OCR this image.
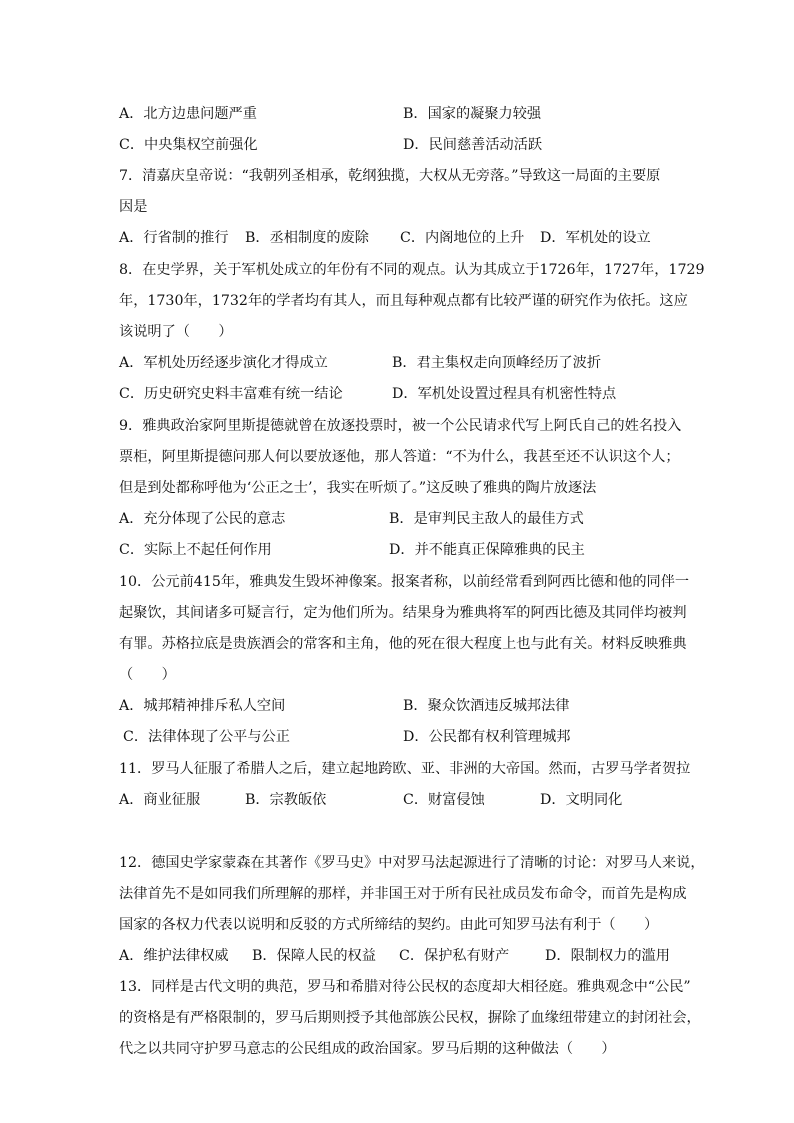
7．清嘉庆皇帝说：“我朝列圣相承，乾纲独揽，大权从无旁落。”导致这一局面的主要原
因是
8．在史学界，关于军机处成立的年份有不同的观点。认为其成立于1726年，1727年，1729
年，1730年，1732年的学者均有其人，而且每种观点都有比较严谨的研究作为依托。这应
该说明了（　　）
9．雅典政治家阿里斯提德就曾在放逐投票时，被一个公民请求代写上阿氏自己的姓名投入
票柜，阿里斯提德问那人何以要放逐他，那人答道：“不为什么，我甚至还不认识这个人；
但是到处都称呼他为‘公正之士’，我实在听烦了。”这反映了雅典的陶片放逐法
10．公元前415年，雅典发生毁坏神像案。报案者称，以前经常看到阿西比德和他的同伴一
起聚饮，其间诸多可疑言行，定为他们所为。结果身为雅典将军的阿西比德及其同伴均被判
有罪。苏格拉底是贵族酒会的常客和主角，他的死在很大程度上也与此有关。材料反映雅典
（　　）
11．罗马人征服了希腊人之后，建立起地跨欧、亚、非洲的大帝国。然而，古罗马学者贺拉
12．德国史学家蒙森在其著作《罗马史》中对罗马法起源进行了清晰的讨论：对罗马人来说，
法律首先不是如同我们所理解的那样，并非国王对于所有民社成员发布命令，而首先是构成
国家的各权力代表以说明和反驳的方式所缔结的契约。由此可知罗马法有利于（　　）
13．同样是古代文明的典范，罗马和希腊对待公民权的态度却大相径庭。雅典观念中“公民”
的资格是有严格限制的，罗马后期则授予其他部族公民权，摒除了血缘纽带建立的封闭社会，
代之以共同守护罗马意志的公民组成的政治国家。罗马后期的这种做法（　　）
A．北方边患问题严重	B．国家的凝聚力较强
C．中央集权空前强化	D．民间慈善活动活跃
A．行省制的推行 B．丞相制度的废除 C．内阁地位的上升 D．军机处的设立
A．军机处历经逐步演化才得成立	B．君主集权走向顶峰经历了波折
C．历史研究史料丰富难有统一结论	D．军机处设置过程具有机密性特点
A．充分体现了公民的意志	B．是审判民主敌人的最佳方式
C．实际上不起任何作用	D．并不能真正保障雅典的民主
A．城邦精神排斥私人空间	B．聚众饮酒违反城邦法律
C．法律体现了公平与公正	D．公民都有权利管理城邦
A．商业征服	B．宗教皈依	C．财富侵蚀	D．文明同化
A．维护法律权威 B．保障人民的权益 C．保护私有财产	D．限制权力的滥用
